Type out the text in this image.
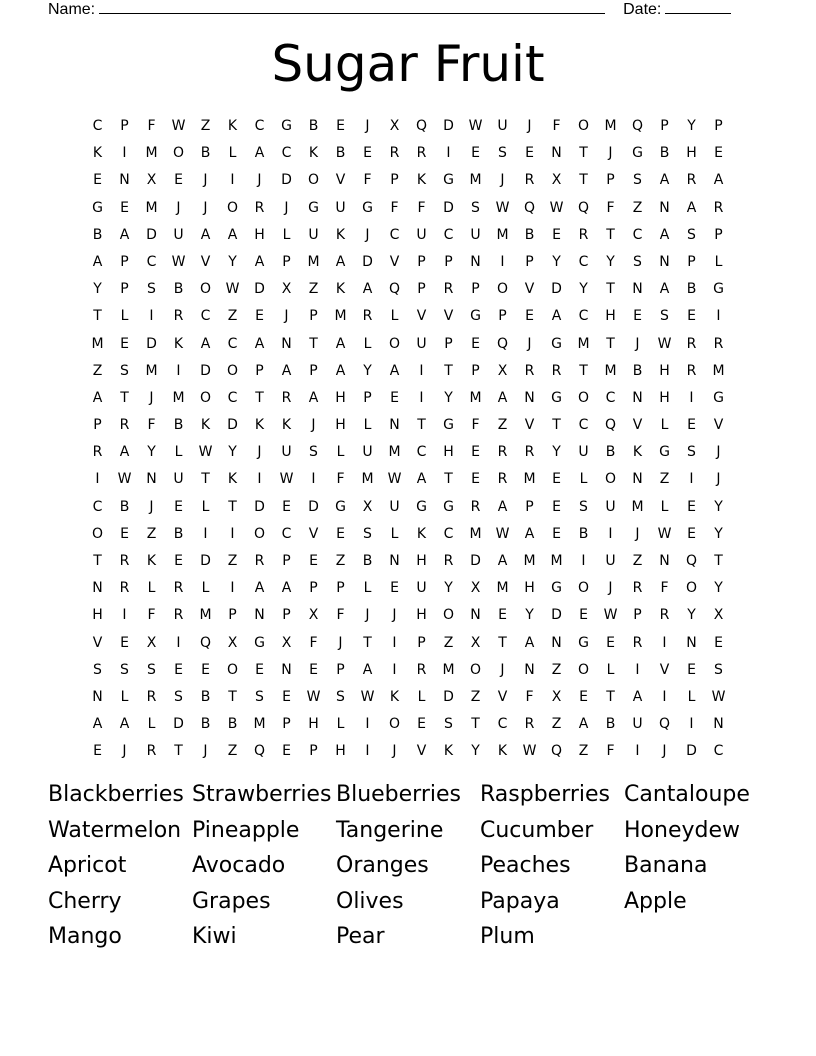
Name:	Date:
Sugar Fruit
C	P	F	W	Z	K	C	G	B	E	J	X	Q	D	W	U	J	F	O	M	Q	P	Y	P
K	I	M	O	B	L	A	C	K	B	E	R	R	I	E	S	E	N	T	J	G	B	H	E
E	N	X	E	J	I	J	D	O	V	F	P	K	G	M	J	R	X	T	P	S	A	R	A
G	E	M	J	J	O	R	J	G	U	G	F	F	D	S	W	Q	W	Q	F	Z	N	A	R
B	A	D	U	A	A	H	L	U	K	J	C	U	C	U	M	B	E	R	T	C	A	S	P
A	P	C	W	V	Y	A	P	M	A	D	V	P	P	N	I	P	Y	C	Y	S	N	P	L
Y	P	S	B	O	W	D	X	Z	K	A	Q	P	R	P	O	V	D	Y	T	N	A	B	G
T	L	I	R	C	Z	E	J	P	M	R	L	V	V	G	P	E	A	C	H	E	S	E	I
M	E	D	K	A	C	A	N	T	A	L	O	U	P	E	Q	J	G	M	T	J	W	R	R
Z	S	M	I	D	O	P	A	P	A	Y	A	I	T	P	X	R	R	T	M	B	H	R	M
A	T	J	M	O	C	T	R	A	H	P	E	I	Y	M	A	N	G	O	C	N	H	I	G
P	R	F	B	K	D	K	K	J	H	L	N	T	G	F	Z	V	T	C	Q	V	L	E	V
R	A	Y	L	W	Y	J	U	S	L	U	M	C	H	E	R	R	Y	U	B	K	G	S	J
I	W	N	U	T	K	I	W	I	F	M	W	A	T	E	R	M	E	L	O	N	Z	I	J
C	B	J	E	L	T	D	E	D	G	X	U	G	G	R	A	P	E	S	U	M	L	E	Y
O	E	Z	B	I	I	O	C	V	E	S	L	K	C	M	W	A	E	B	I	J	W	E	Y
T	R	K	E	D	Z	R	P	E	Z	B	N	H	R	D	A	M	M	I	U	Z	N	Q	T
N	R	L	R	L	I	A	A	P	P	L	E	U	Y	X	M	H	G	O	J	R	F	O	Y
H	I	F	R	M	P	N	P	X	F	J	J	H	O	N	E	Y	D	E	W	P	R	Y	X
V	E	X	I	Q	X	G	X	F	J	T	I	P	Z	X	T	A	N	G	E	R	I	N	E
S	S	S	E	E	O	E	N	E	P	A	I	R	M	O	J	N	Z	O	L	I	V	E	S
N	L	R	S	B	T	S	E	W	S	W	K	L	D	Z	V	F	X	E	T	A	I	L	W
A	A	L	D	B	B	M	P	H	L	I	O	E	S	T	C	R	Z	A	B	U	Q	I	N
E	J	R	T	J	Z	Q	E	P	H	I	J	V	K	Y	K	W	Q	Z	F	I	J	D	C
Blackberries Strawberries Blueberries Raspberries Cantaloupe
Watermelon Pineapple	Tangerine	Cucumber	Honeydew
Apricot	Avocado	Oranges	Peaches	Banana
Cherry	Grapes	Olives	Papaya	Apple
Mango	Kiwi	Pear	Plum
